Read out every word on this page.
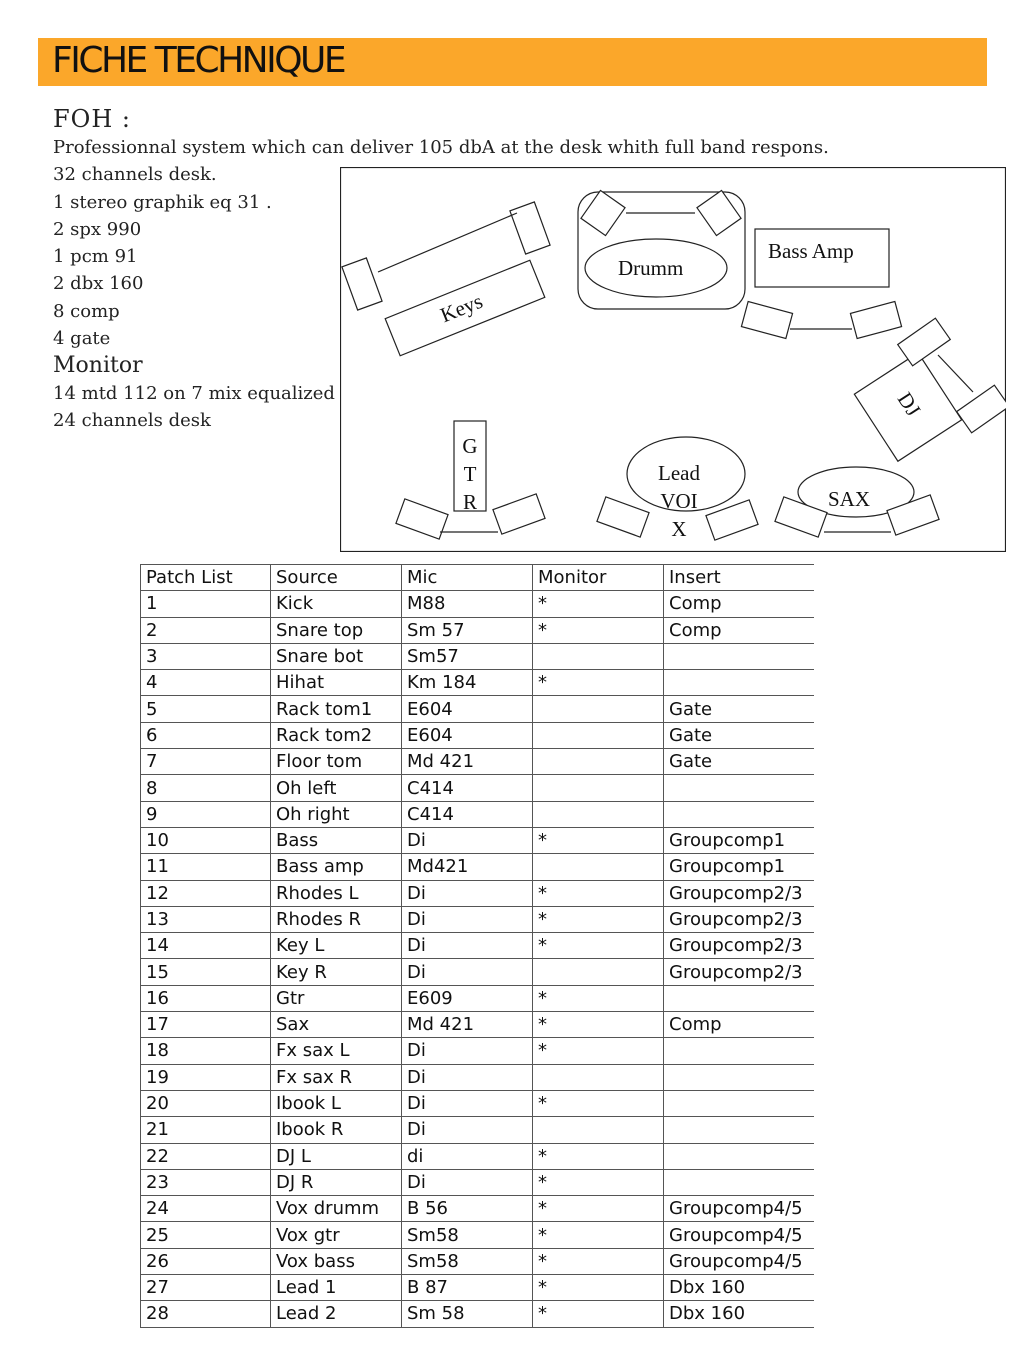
FICHE TECHNIQUE
FOH :
Professionnal system which can deliver 105 dbA at the desk whith full band respons.
32 channels desk.
1 stereo graphik eq 31 .
2 spx 990
1 pcm 91
2 dbx 160
8 comp
4 gate
Monitor
14 mtd 112 on 7 mix equalized
24 channels desk
Drumm
Bass Amp
Keys
DJ
G
T
R
Lead
VOI
X
SAX
Patch List	Source	Mic	Monitor	Insert
1	Kick	M88	*	Comp
2	Snare top	Sm 57	*	Comp
3	Snare bot	Sm57		
4	Hihat	Km 184	*	
5	Rack tom1	E604		Gate
6	Rack tom2	E604		Gate
7	Floor tom	Md 421		Gate
8	Oh left	C414		
9	Oh right	C414		
10	Bass	Di	*	Groupcomp1
11	Bass amp	Md421		Groupcomp1
12	Rhodes L	Di	*	Groupcomp2/3
13	Rhodes R	Di	*	Groupcomp2/3
14	Key L	Di	*	Groupcomp2/3
15	Key R	Di		Groupcomp2/3
16	Gtr	E609	*	
17	Sax	Md 421	*	Comp
18	Fx sax L	Di	*	
19	Fx sax R	Di		
20	Ibook L	Di	*	
21	Ibook R	Di		
22	DJ L	di	*	
23	DJ R	Di	*	
24	Vox drumm	B 56	*	Groupcomp4/5
25	Vox gtr	Sm58	*	Groupcomp4/5
26	Vox bass	Sm58	*	Groupcomp4/5
27	Lead 1	B 87	*	Dbx 160
28	Lead 2	Sm 58	*	Dbx 160
